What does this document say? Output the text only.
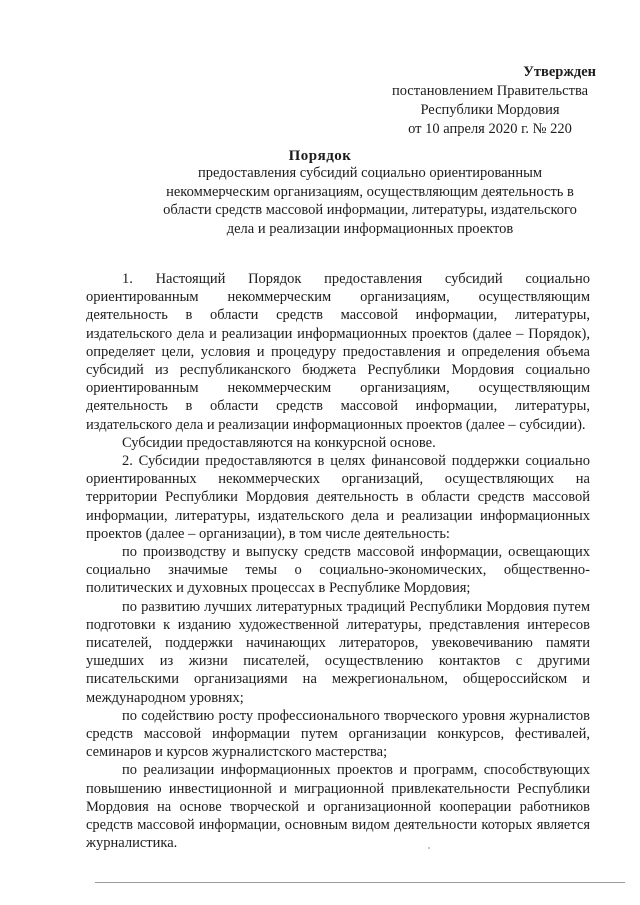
Утвержден
постановлением Правительства
Республики Мордовия
от 10 апреля 2020 г. № 220
Порядок
предоставления субсидий социально ориентированным некоммерческим организациям, осуществляющим деятельность в области средств массовой информации, литературы, издательского дела и реализации информационных проектов

1. Настоящий Порядок предоставления субсидий социально ориентированным некоммерческим организациям, осуществляющим деятельность в области средств массовой информации, литературы, издательского дела и реализации информационных проектов (далее – Порядок), определяет цели, условия и процедуру предоставления и определения объема субсидий из республиканского бюджета Республики Мордовия социально ориентированным некоммерческим организациям, осуществляющим деятельность в области средств массовой информации, литературы, издательского дела и реализации информационных проектов (далее – субсидии).

Субсидии предоставляются на конкурсной основе.

2. Субсидии предоставляются в целях финансовой поддержки социально ориентированных некоммерческих организаций, осуществляющих на территории Республики Мордовия деятельность в области средств массовой информации, литературы, издательского дела и реализации информационных проектов (далее – организации), в том числе деятельность:

по производству и выпуску средств массовой информации, освещающих социально значимые темы о социально-экономических, общественно-политических и духовных процессах в Республике Мордовия;

по развитию лучших литературных традиций Республики Мордовия путем подготовки к изданию художественной литературы, представления интересов писателей, поддержки начинающих литераторов, увековечиванию памяти ушедших из жизни писателей, осуществлению контактов с другими писательскими организациями на межрегиональном, общероссийском и международном уровнях;

по содействию росту профессионального творческого уровня журналистов средств массовой информации путем организации конкурсов, фестивалей, семинаров и курсов журналистского мастерства;

по реализации информационных проектов и программ, способствующих повышению инвестиционной и миграционной привлекательности Республики Мордовия на основе творческой и организационной кооперации работников средств массовой информации, основным видом деятельности которых является журналистика.
